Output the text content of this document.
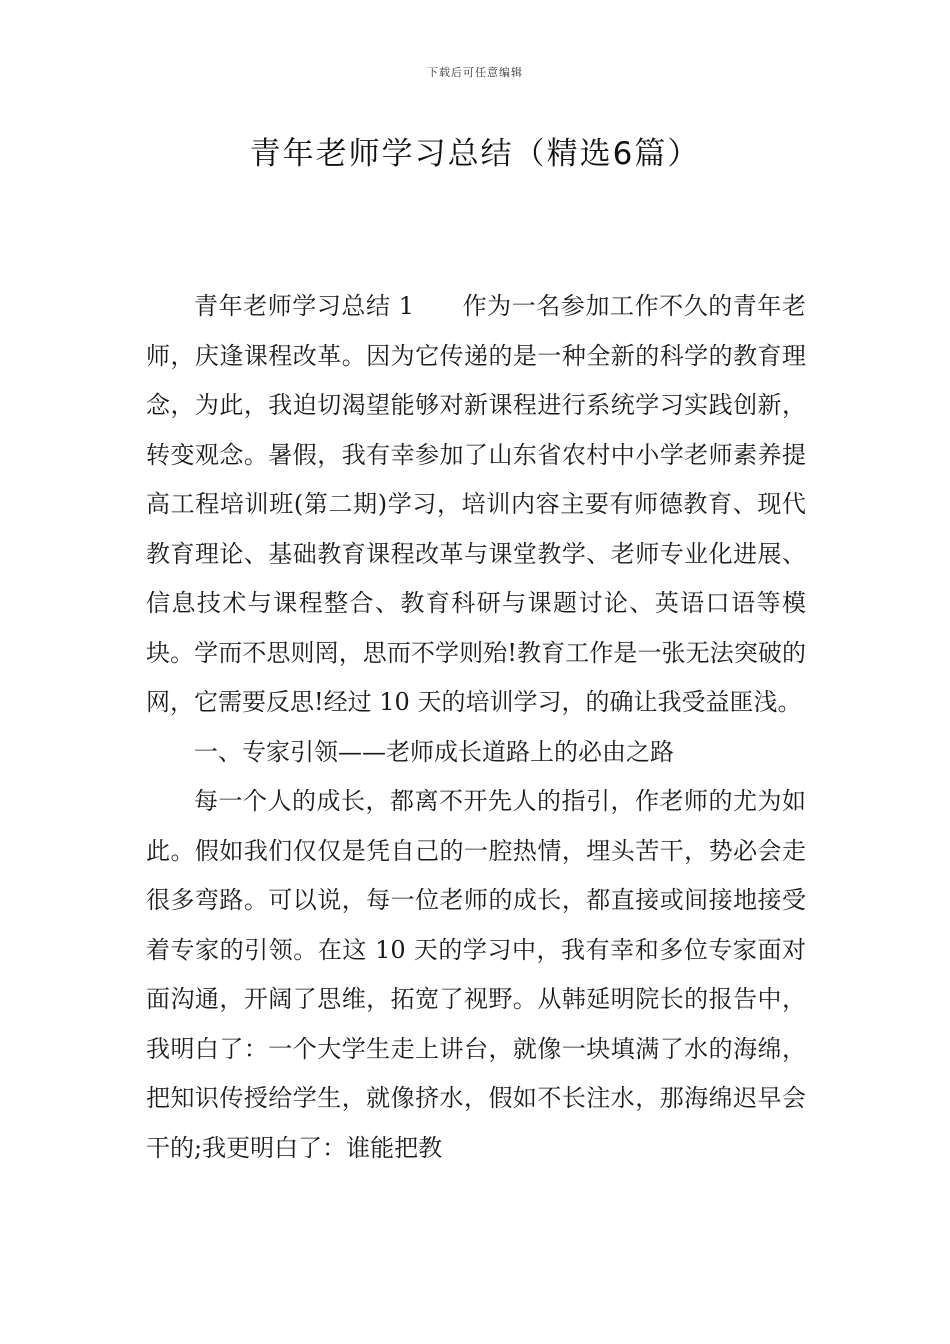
下载后可任意编辑
青年老师学习总结（精选6篇）

青年老师学习总结 1 作为一名参加工作不久的青年老师，庆逢课程改革。因为它传递的是一种全新的科学的教育理念，为此，我迫切渴望能够对新课程进行系统学习实践创新，转变观念。暑假，我有幸参加了山东省农村中小学老师素养提高工程培训班(第二期)学习，培训内容主要有师德教育、现代教育理论、基础教育课程改革与课堂教学、老师专业化进展、信息技术与课程整合、教育科研与课题讨论、英语口语等模块。学而不思则罔，思而不学则殆!教育工作是一张无法突破的网，它需要反思!经过 10 天的培训学习，的确让我受益匪浅。

一、专家引领——老师成长道路上的必由之路

每一个人的成长，都离不开先人的指引，作老师的尤为如此。假如我们仅仅是凭自己的一腔热情，埋头苦干，势必会走很多弯路。可以说，每一位老师的成长，都直接或间接地接受着专家的引领。在这 10 天的学习中，我有幸和多位专家面对面沟通，开阔了思维，拓宽了视野。从韩延明院长的报告中，我明白了：一个大学生走上讲台，就像一块填满了水的海绵，把知识传授给学生，就像挤水，假如不长注水，那海绵迟早会干的;我更明白了：谁能把教
